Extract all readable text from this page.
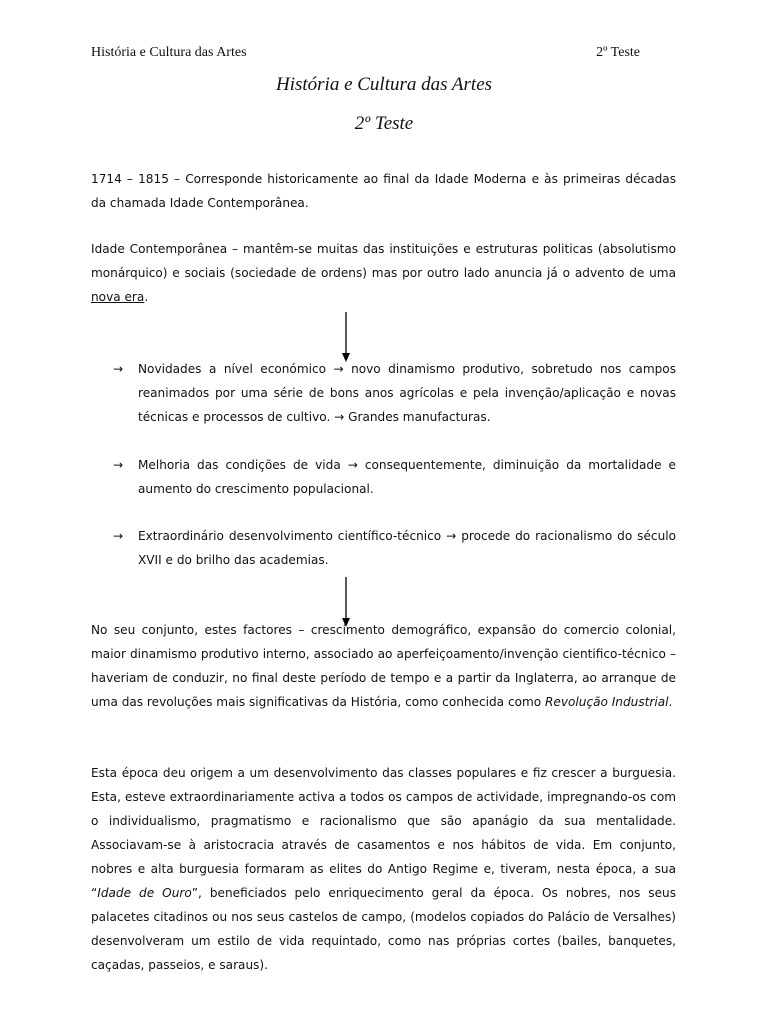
História e Cultura das Artes	2º Teste
História e Cultura das Artes
2º Teste

1714 – 1815 – Corresponde historicamente ao final da Idade Moderna e às primeiras décadas da chamada Idade Contemporânea.

Idade Contemporânea – mantêm-se muitas das instituições e estruturas politicas (absolutismo monárquico) e sociais (sociedade de ordens) mas por outro lado anuncia já o advento de uma nova era.

→ Novidades a nível económico → novo dinamismo produtivo, sobretudo nos campos reanimados por uma série de bons anos agrícolas e pela invenção/aplicação e novas técnicas e processos de cultivo. → Grandes manufacturas.
→ Melhoria das condições de vida → consequentemente, diminuição da mortalidade e aumento do crescimento populacional.
→ Extraordinário desenvolvimento científico-técnico → procede do racionalismo do século XVII e do brilho das academias.

No seu conjunto, estes factores – crescimento demográfico, expansão do comercio colonial, maior dinamismo produtivo interno, associado ao aperfeiçoamento/invenção cientifico-técnico – haveriam de conduzir, no final deste período de tempo e a partir da Inglaterra, ao arranque de uma das revoluções mais significativas da História, como conhecida como Revolução Industrial.

Esta época deu origem a um desenvolvimento das classes populares e fiz crescer a burguesia. Esta, esteve extraordinariamente activa a todos os campos de actividade, impregnando-os com o individualismo, pragmatismo e racionalismo que são apanágio da sua mentalidade. Associavam-se à aristocracia através de casamentos e nos hábitos de vida. Em conjunto, nobres e alta burguesia formaram as elites do Antigo Regime e, tiveram, nesta época, a sua “Idade de Ouro”, beneficiados pelo enriquecimento geral da época. Os nobres, nos seus palacetes citadinos ou nos seus castelos de campo, (modelos copiados do Palácio de Versalhes) desenvolveram um estilo de vida requintado, como nas próprias cortes (bailes, banquetes, caçadas, passeios, e saraus).
